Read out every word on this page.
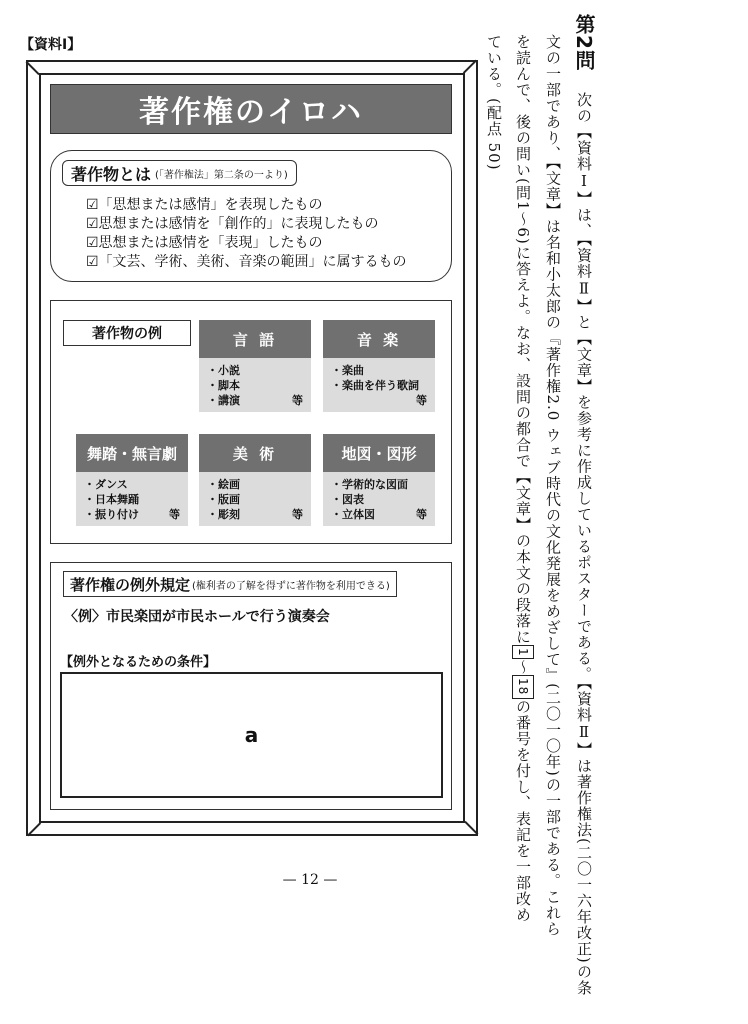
【資料Ⅰ】
著作権のイロハ
著作物とは (「著作権法」第二条の一より)
☑「思想または感情」を表現したもの
☑思想または感情を「創作的」に表現したもの
☑思想または感情を「表現」したもの
☑「文芸、学術、美術、音楽の範囲」に属するもの
著作物の例	言 語
・小説
・脚本
・講演	等
音 楽
・楽曲
・楽曲を伴う歌詞
等
舞踏・無言劇
・ダンス
・日本舞踊
・振り付け	等
美 術
・絵画
・版画
・彫刻	等
地図・図形
・学術的な図面
・図表
・立体図	等
著作権の例外規定 (権利者の了解を得ずに著作物を利用できる)
〈例〉市民楽団が市民ホールで行う演奏会
【例外となるための条件】
a
— 12 —
第2問
次の【資料Ⅰ】は、【資料Ⅱ】と【文章】を参考に作成しているポスターである。【資料Ⅱ】は著作権法(二〇一六年改正)の条
文の一部であり、【文章】は名和小太郎の『著作権2.0 ウェブ時代の文化発展をめざして』(二〇一〇年)の一部である。これら
を読んで、後の問い(問1〜6)に答えよ。なお、設問の都合で【文章】の本文の段落に1〜18の番号を付し、表記を一部改め
ている。(配点 50)
